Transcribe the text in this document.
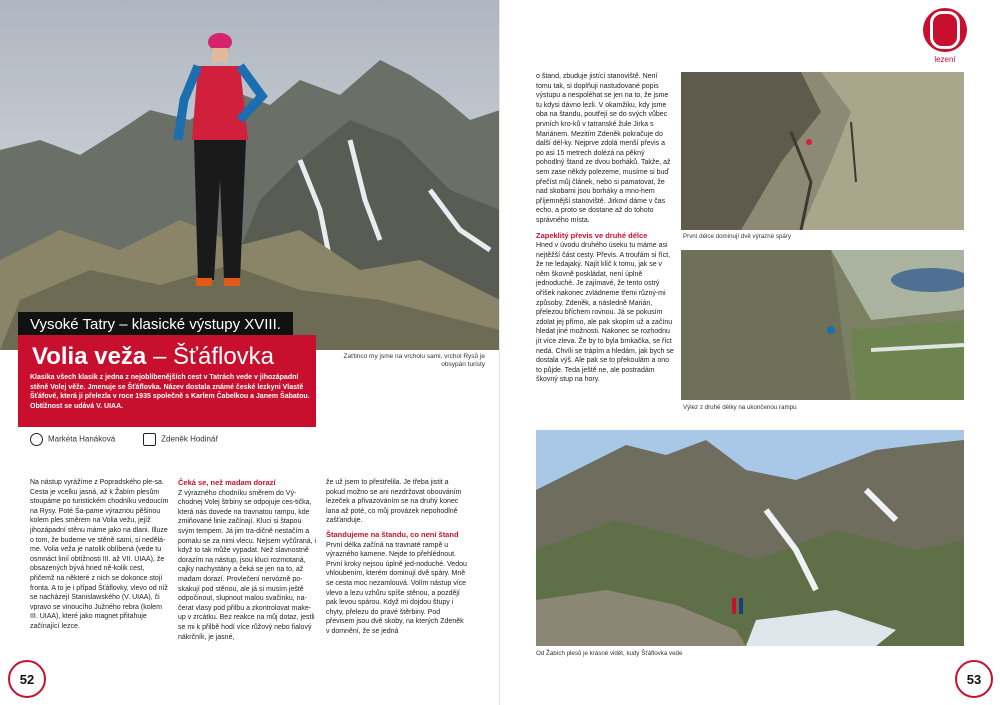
Vysoké Tatry – klasické výstupy XVIII.
Volia veža – Šťáflovka
Klasika všech klasik z jedna z nejoblíbenějších cest v Tatrách vede v jihozápadní stěně Volej věže. Jmenuje se Šťáflovka. Název dostala známé české lezkyni Vlastě Šťáfové, která ji přelezla v roce 1935 společně s Karlem Čabelkou a Janem Šabatou. Obtížnost se udává V. UIAA.
Zaťtinco my jsme na vrcholu sami, vrchol Rysů je obsypán turisty
Markéta Hanáková	Zdeněk Hodinář

Na nástup vyrážíme z Popradského ple-sa. Cesta je vcelku jasná, až k Žabím plesům stoupáme po turistickém chodníku vedoucím na Rysy. Poté Ša-pame výraznou pěšinou kolem ples směrem na Volia vežu, jejíž jihozápadní stěnu máme jako na dlani. Illuze o tom, že budeme ve stěně sami, si nedělá-me. Volia veža je natolik oblíbená (vede tu osmnáct linií obtížnosti III. až VII. UIAA), že obsazených bývá hned ně-kolik cest, přičemž na některé z nich se dokonce stojí fronta. A to je i případ Šťáflovky, vlevo od níž se nacházejí Stanislawského (V. UIAA), či vpravo se vinoucího Južného rebra (kolem III. UIAA), které jako magnet přitahuje začínající lezce.

Čeká se, než madam dorazí

Z výrazného chodníku směrem do Vý-chodnej Volej štrbiny se odpojuje ces-tička, která nás dovede na travnatou rampu, kde zmiňované linie začínají. Kluci si štapou svým tempem. Já jim tra-dičně nestačím a pomalu se za nimi vlecu. Nejsem vyčůraná, i když to tak může vypadat. Než slavnostně dorazím na nástup, jsou kluci rozmotaná, cajky nachystány a čeká se jen na to, až madam dorazí. Provlečení nervózně po-skakují pod stěnou, ale já si musím ještě odpočinout, slupnout malou svačinku, na-čerat vlasy pod přilbu a zkontrolovat make-up v zrcátku. Bez reakce na můj dotaz, jestli se mi k přilbě hodí více růžový nebo fialový nákrčník, je jasné,

že už jsem to přestřelila. Je třeba jistit a pokud možno se ani nezdržovat obouváním lezeček a přivazováním se na druhý konec lana až poté, co můj provázek nepohodlně zašťanduje.

Štandujeme na štandu, co není štand

První délka začíná na travnaté rampě u výrazného kamene. Nejde to přehlédnout. První kroky nejsou úplně jed-noduché. Vedou vhloubením, kterém dominují dvě spáry. Mně se cesta moc nezamlouvá. Volím nástup více vlevo a lezu vzhůru spíše stěnou, a pozdějí pak levou spárou. Když mi dojdou štupy i chyty, přelezu do pravé štěrbiny. Pod převisem jsou dvě skoby, na kterých Zdeněk v domnění, že se jedná

52
lezení

o štand, zbuduje jistící stanoviště. Není tomu tak, si doplňuji nastudované popis výstupu a nespoléhat se jen na to, že jsme tu kdysi dávno lezli. V okamžiku, kdy jsme oba na štandu, poutřejí se do svých vůbec prvních kro-ků v tatranské žule Jirka s Mariánem. Mezitím Zdeněk pokračuje do další dél-ky. Nejprve zdolá menší převis a po asi 15 metrech dolézá na pěkný pohodlný štand ze dvou borháků. Takže, až sem zase někdy polezeme, musíme si buď přečíst můj článek, nebo si pamatovat, že nad skobami jsou borháky a mno-hem příjemnější stanoviště. Jirkovi dáme v čas echo, a proto se dostane až do tohoto správného místa.

Zapeklitý převis ve druhé délce

Hned v úvodu druhého úseku tu máme asi nejtěžší část cesty. Převis. A troufám si říct, že ne ledajaký. Najít klíč k tomu, jak se v něm škovně poskládat, není úplně jednoduché. Je zajímavé, že tento ostrý oříšek nakonec zvládneme třemi různý-mi způsoby. Zdeněk, a následně Marián, přelezou bříchem rovnou. Já se pokusím zdolat jej přímo, ale pak skopím už a začínu hledat jiné možnosti. Nakonec se rozhodnu jít více zleva. Že by to byla brnkačka, se říct nedá. Chvíli se trápím a hledám, jak bych se dostala výš. Ale pak se to překoulám a ono to půjde. Teda ještě ne, ale postradám škovný stup na hory.

První délce dominují dvě výrazné spáry
Výlez z druhé délky na ukončenou rampu
Od Žabích plesů je krásně vidět, kudy Šťáflovka vede
53
